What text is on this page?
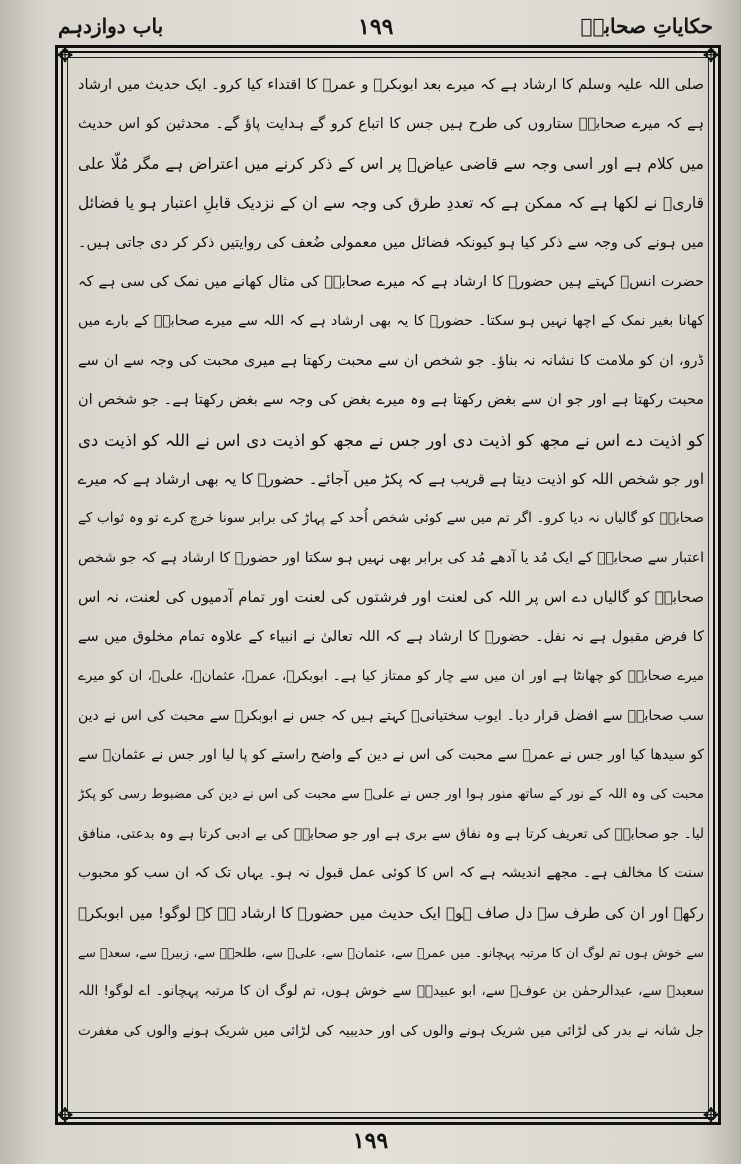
حکایاتِ صحابہؓ
۱۹۹
باب دوازدہم
✥	✥
✥	✥

صلی اللہ علیہ وسلم کا ارشاد ہے کہ میرے بعد ابوبکرؓ و عمرؓ کا اقتداء کیا کرو۔ ایک حدیث میں ارشاد

ہے کہ میرے صحابہؓ ستاروں کی طرح ہیں جس کا اتباع کرو گے ہدایت پاؤ گے۔ محدثین کو اس حدیث

میں کلام ہے اور اسی وجہ سے قاضی عیاضؒ پر اس کے ذکر کرنے میں اعتراض ہے مگر مُلّا علی

قاریؒ نے لکھا ہے کہ ممکن ہے کہ تعددِ طرق کی وجہ سے ان کے نزدیک قابلِ اعتبار ہو یا فضائل

میں ہونے کی وجہ سے ذکر کیا ہو کیونکہ فضائل میں معمولی ضُعف کی روایتیں ذکر کر دی جاتی ہیں۔

حضرت انسؓ کہتے ہیں حضورؐ کا ارشاد ہے کہ میرے صحابہؓ کی مثال کھانے میں نمک کی سی ہے کہ

کھانا بغیر نمک کے اچھا نہیں ہو سکتا۔ حضورؐ کا یہ بھی ارشاد ہے کہ اللہ سے میرے صحابہؓ کے بارے میں

ڈرو، ان کو ملامت کا نشانہ نہ بناؤ۔ جو شخص ان سے محبت رکھتا ہے میری محبت کی وجہ سے ان سے

محبت رکھتا ہے اور جو ان سے بغض رکھتا ہے وہ میرے بغض کی وجہ سے بغض رکھتا ہے۔ جو شخص ان

کو اذیت دے اس نے مجھ کو اذیت دی اور جس نے مجھ کو اذیت دی اس نے اللہ کو اذیت دی

اور جو شخص اللہ کو اذیت دیتا ہے قریب ہے کہ پکڑ میں آجائے۔ حضورؐ کا یہ بھی ارشاد ہے کہ میرے

صحابہؓ کو گالیاں نہ دیا کرو۔ اگر تم میں سے کوئی شخص اُحد کے پہاڑ کی برابر سونا خرچ کرے تو وہ ثواب کے

اعتبار سے صحابہؓ کے ایک مُد یا آدھے مُد کی برابر بھی نہیں ہو سکتا اور حضورؐ کا ارشاد ہے کہ جو شخص

صحابہؓ کو گالیاں دے اس پر اللہ کی لعنت اور فرشتوں کی لعنت اور تمام آدمیوں کی لعنت، نہ اس

کا فرض مقبول ہے نہ نفل۔ حضورؐ کا ارشاد ہے کہ اللہ تعالیٰ نے انبیاء کے علاوہ تمام مخلوق میں سے

میرے صحابہؓ کو چھانٹا ہے اور ان میں سے چار کو ممتاز کیا ہے۔ ابوبکرؓ، عمرؓ، عثمانؓ، علیؓ، ان کو میرے

سب صحابہؓ سے افضل قرار دیا۔ ایوب سختیانیؒ کہتے ہیں کہ جس نے ابوبکرؓ سے محبت کی اس نے دین

کو سیدھا کیا اور جس نے عمرؓ سے محبت کی اس نے دین کے واضح راستے کو پا لیا اور جس نے عثمانؓ سے

محبت کی وہ اللہ کے نور کے ساتھ منور ہوا اور جس نے علیؓ سے محبت کی اس نے دین کی مضبوط رسی کو پکڑ

لیا۔ جو صحابہؓ کی تعریف کرتا ہے وہ نفاق سے بری ہے اور جو صحابہؓ کی بے ادبی کرتا ہے وہ بدعتی، منافق

سنت کا مخالف ہے۔ مجھے اندیشہ ہے کہ اس کا کوئی عمل قبول نہ ہو۔ یہاں تک کہ ان سب کو محبوب

رکھے اور ان کی طرف سے دل صاف ہو۔ ایک حدیث میں حضورؐ کا ارشاد ہے کہ لوگو! میں ابوبکرؓ

سے خوش ہوں تم لوگ ان کا مرتبہ پہچانو۔ میں عمرؓ سے، عثمانؓ سے، علیؓ سے، طلحہؓ سے، زبیرؓ سے، سعدؓ سے

سعیدؓ سے، عبدالرحمٰن بن عوفؓ سے، ابو عبیدہؓ سے خوش ہوں، تم لوگ ان کا مرتبہ پہچانو۔ اے لوگو! اللہ

جل شانہ نے بدر کی لڑائی میں شریک ہونے والوں کی اور حدیبیہ کی لڑائی میں شریک ہونے والوں کی مغفرت

۱۹۹
